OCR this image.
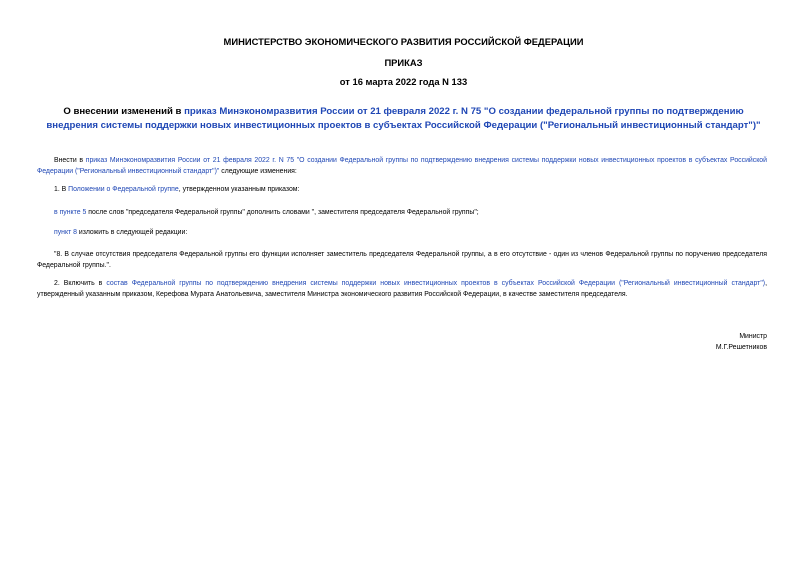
МИНИСТЕРСТВО ЭКОНОМИЧЕСКОГО РАЗВИТИЯ РОССИЙСКОЙ ФЕДЕРАЦИИ
ПРИКАЗ
от 16 марта 2022 года N 133
О внесении изменений в приказ Минэкономразвития России от 21 февраля 2022 г. N 75 "О создании федеральной группы по подтверждению внедрения системы поддержки новых инвестиционных проектов в субъектах Российской Федерации ("Региональный инвестиционный стандарт")"
Внести в приказ Минэкономразвития России от 21 февраля 2022 г. N 75 "О создании Федеральной группы по подтверждению внедрения системы поддержки новых инвестиционных проектов в субъектах Российской Федерации ("Региональный инвестиционный стандарт")" следующие изменения:
1. В Положении о Федеральной группе, утвержденном указанным приказом:
в пункте 5 после слов "председателя Федеральной группы" дополнить словами ", заместителя председателя Федеральной группы";
пункт 8 изложить в следующей редакции:
"8. В случае отсутствия председателя Федеральной группы его функции исполняет заместитель председателя Федеральной группы, а в его отсутствие - один из членов Федеральной группы по поручению председателя Федеральной группы.".
2. Включить в состав Федеральной группы по подтверждению внедрения системы поддержки новых инвестиционных проектов в субъектах Российской Федерации ("Региональный инвестиционный стандарт"), утвержденный указанным приказом, Керефова Мурата Анатольевича, заместителя Министра экономического развития Российской Федерации, в качестве заместителя председателя.
Министр
М.Г.Решетников
